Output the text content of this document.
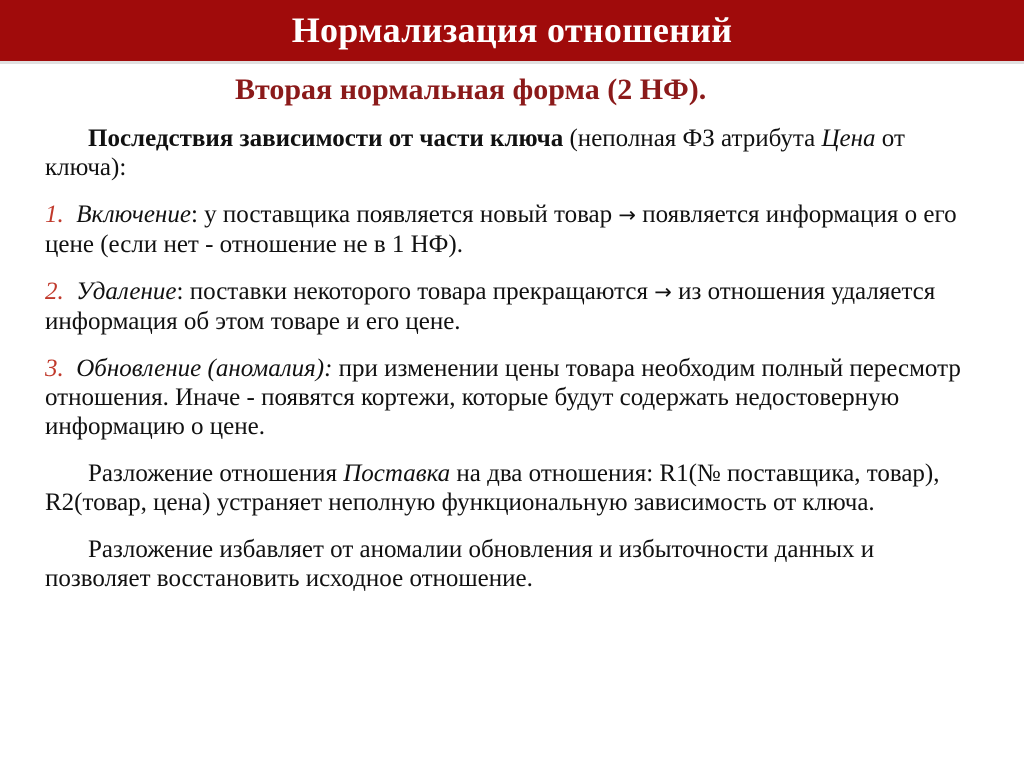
Нормализация отношений
Вторая нормальная форма (2 НФ).

Последствия зависимости от части ключа (неполная ФЗ атрибута Цена от ключа):

1. Включение: у поставщика появляется новый товар → появляется информация о его цене (если нет - отношение не в 1 НФ).

2. Удаление: поставки некоторого товара прекращаются → из отношения удаляется информация об этом товаре и его цене.

3. Обновление (аномалия): при изменении цены товара необходим полный пересмотр отношения. Иначе - появятся кортежи, которые будут содержать недостоверную информацию о цене.

Разложение отношения Поставка на два отношения: R1(№ поставщика, товар), R2(товар, цена) устраняет неполную функциональную зависимость от ключа.

Разложение избавляет от аномалии обновления и избыточности данных и позволяет восстановить исходное отношение.
